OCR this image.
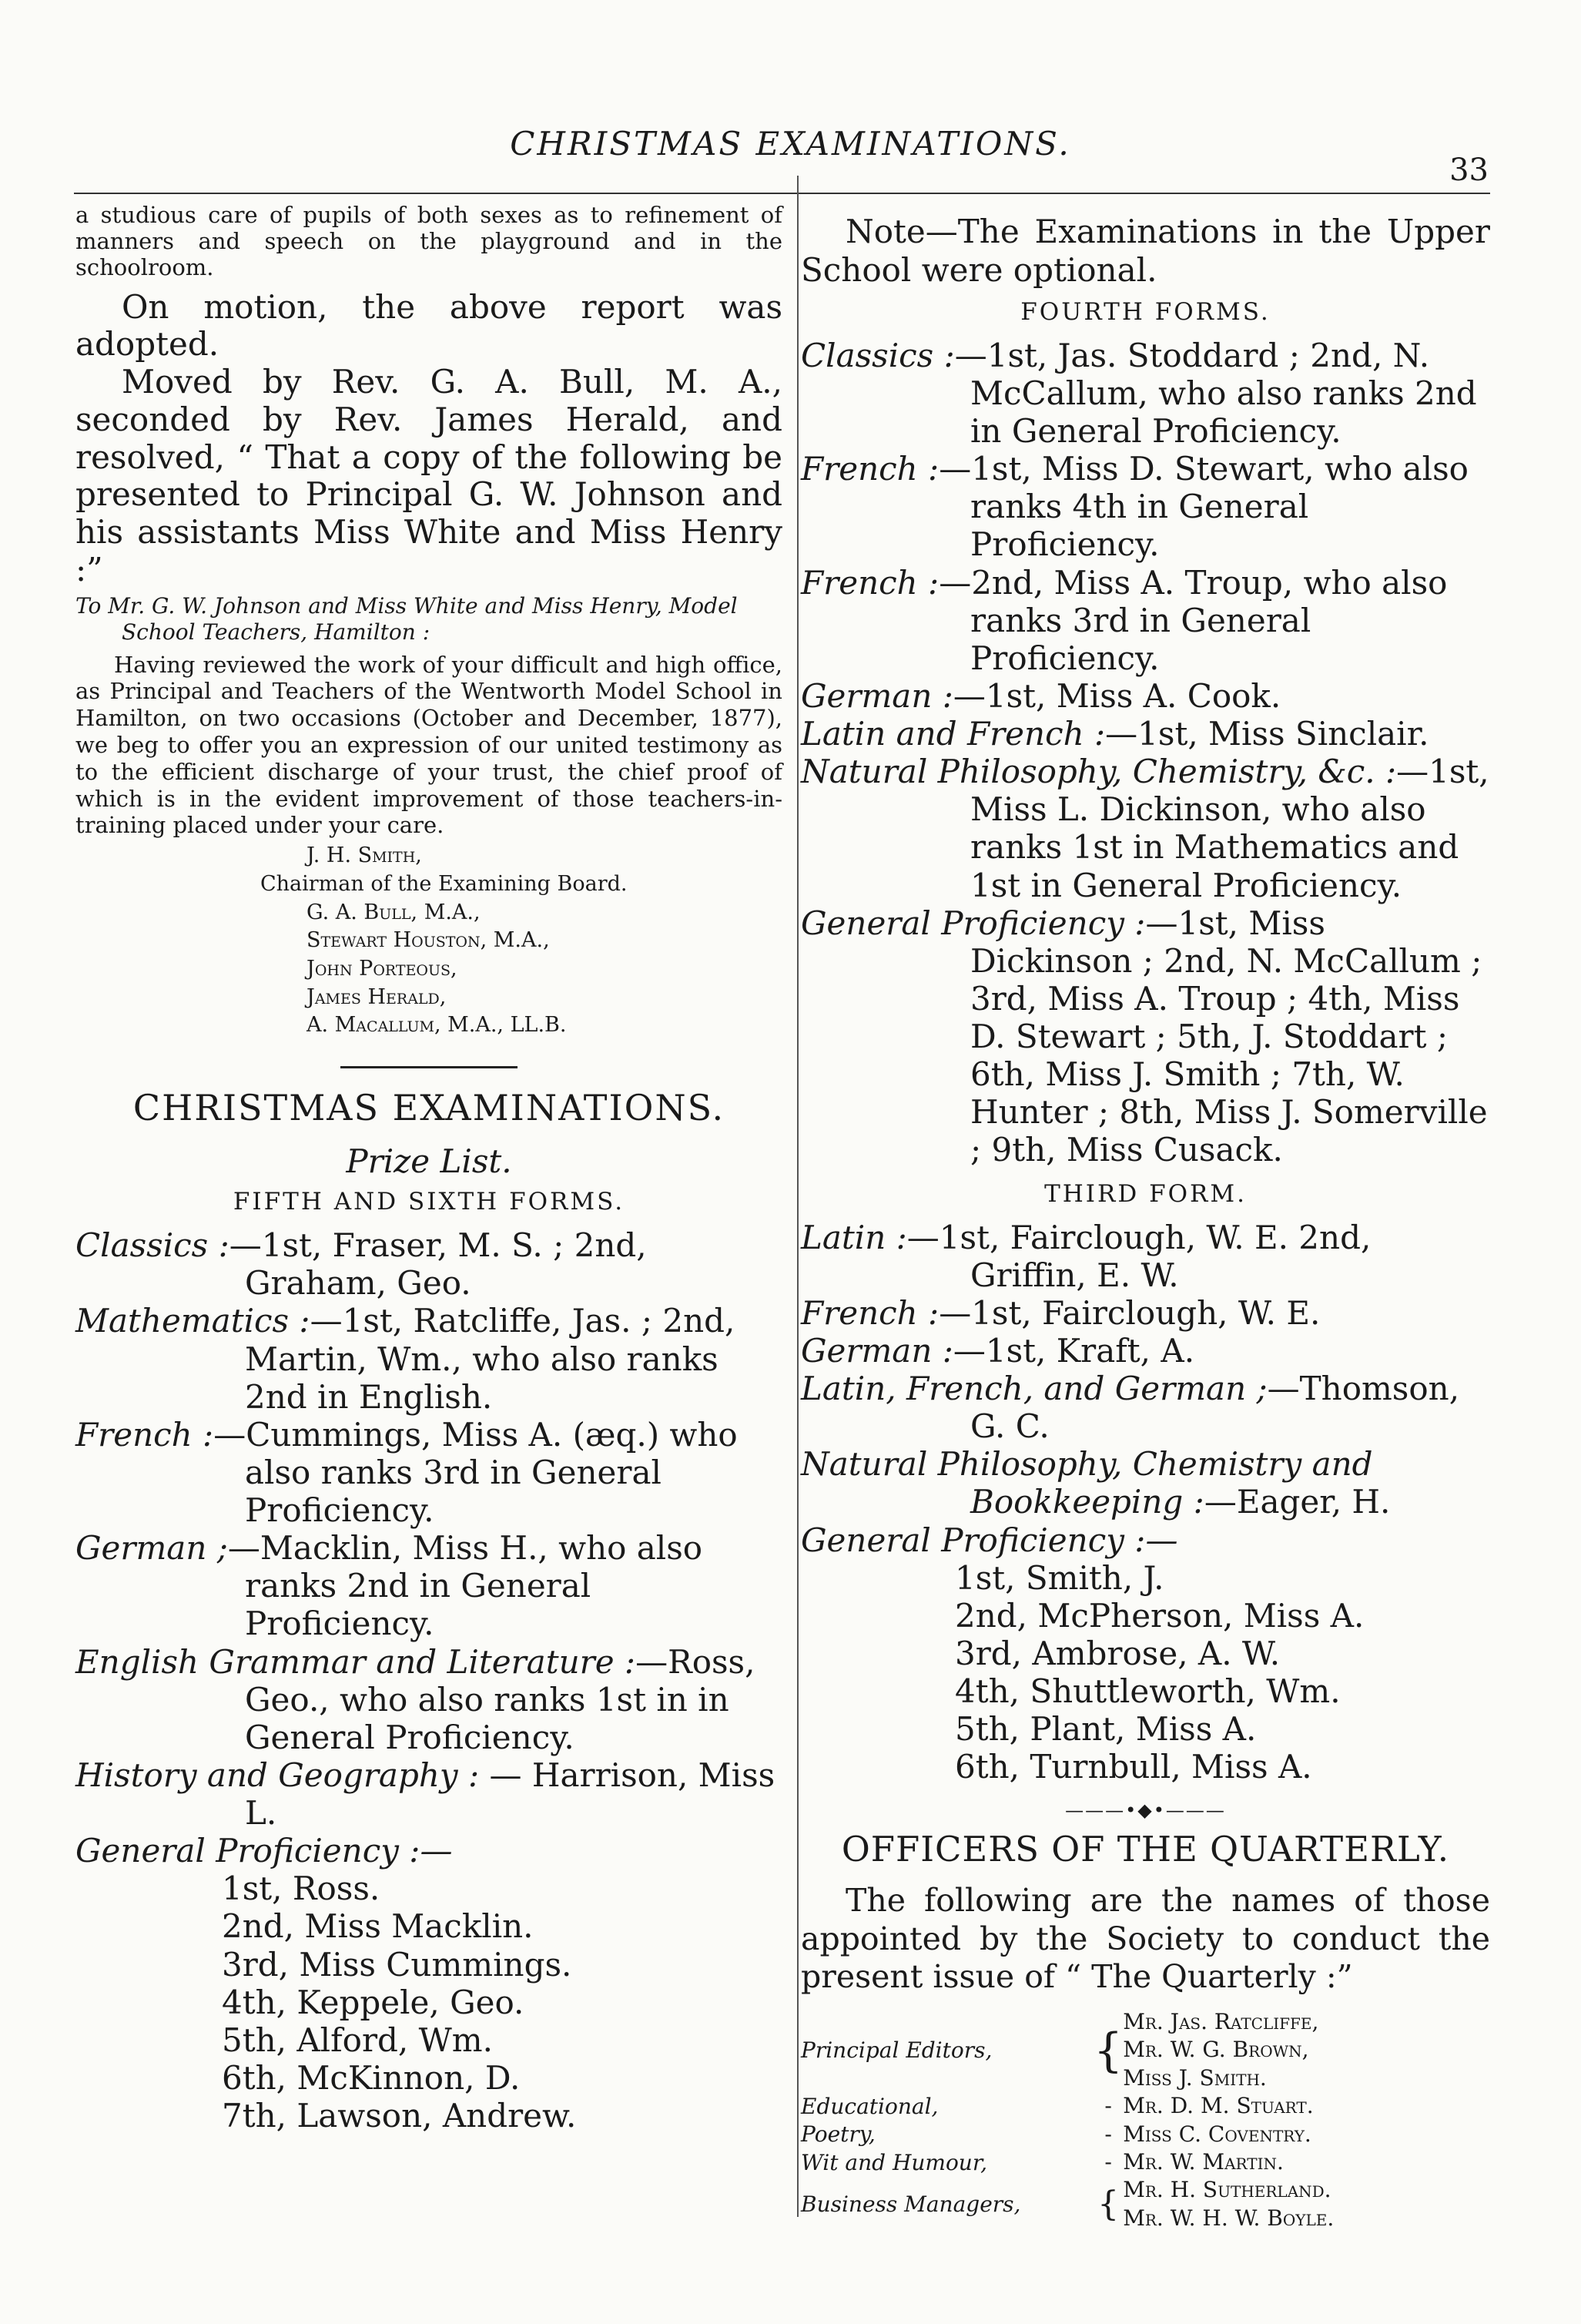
CHRISTMAS EXAMINATIONS.
33

a studious care of pupils of both sexes as to refinement of manners and speech on the playground and in the schoolroom.

On motion, the above report was adopted.

Moved by Rev. G. A. Bull, M. A., seconded by Rev. James Herald, and resolved, “ That a copy of the following be presented to Principal G. W. Johnson and his assistants Miss White and Miss Henry :”

To Mr. G. W. Johnson and Miss White and Miss Henry, Model School Teachers, Hamilton :

Having reviewed the work of your difficult and high office, as Principal and Teachers of the Wentworth Model School in Hamilton, on two occasions (October and December, 1877), we beg to offer you an expression of our united testimony as to the efficient discharge of your trust, the chief proof of which is in the evident improvement of those teachers-in-training placed under your care.

J. H. Smith,
Chairman of the Examining Board.
G. A. Bull, M.A.,
Stewart Houston, M.A.,
John Porteous,
James Herald,
A. Macallum, M.A., LL.B.
CHRISTMAS EXAMINATIONS.
Prize List.
FIFTH AND SIXTH FORMS.
Classics :—1st, Fraser, M. S. ; 2nd, Graham, Geo.
Mathematics :—1st, Ratcliffe, Jas. ; 2nd, Martin, Wm., who also ranks 2nd in English.
French :—Cummings, Miss A. (æq.) who also ranks 3rd in General Proficiency.
German ;—Macklin, Miss H., who also ranks 2nd in General Proficiency.
English Grammar and Literature :—Ross, Geo., who also ranks 1st in in General Proficiency.
History and Geography : — Harrison, Miss L.
General Proficiency :—
1st, Ross.
2nd, Miss Macklin.
3rd, Miss Cummings.
4th, Keppele, Geo.
5th, Alford, Wm.
6th, McKinnon, D.
7th, Lawson, Andrew.

Note—The Examinations in the Upper School were optional.

FOURTH FORMS.
Classics :—1st, Jas. Stoddard ; 2nd, N. McCallum, who also ranks 2nd in General Proficiency.
French :—1st, Miss D. Stewart, who also ranks 4th in General Proficiency.
French :—2nd, Miss A. Troup, who also ranks 3rd in General Proficiency.
German :—1st, Miss A. Cook.
Latin and French :—1st, Miss Sinclair.
Natural Philosophy, Chemistry, &c. :—1st, Miss L. Dickinson, who also ranks 1st in Mathematics and 1st in General Proficiency.
General Proficiency :—1st, Miss Dickinson ; 2nd, N. McCallum ; 3rd, Miss A. Troup ; 4th, Miss D. Stewart ; 5th, J. Stoddart ; 6th, Miss J. Smith ; 7th, W. Hunter ; 8th, Miss J. Somerville ; 9th, Miss Cusack.
THIRD FORM.
Latin :—1st, Fairclough, W. E. 2nd, Griffin, E. W.
French :—1st, Fairclough, W. E.
German :—1st, Kraft, A.
Latin, French, and German ;—Thomson, G. C.
Natural Philosophy, Chemistry and Bookkeeping :—Eager, H.
General Proficiency :—
1st, Smith, J.
2nd, McPherson, Miss A.
3rd, Ambrose, A. W.
4th, Shuttleworth, Wm.
5th, Plant, Miss A.
6th, Turnbull, Miss A.
———•◆•———
OFFICERS OF THE QUARTERLY.

The following are the names of those appointed by the Society to conduct the present issue of “ The Quarterly :”

Principal Editors,	{	Mr. Jas. Ratcliffe,
Mr. W. G. Brown,
Miss J. Smith.

Educational,	-	Mr. D. M. Stuart.

Poetry,	-	Miss C. Coventry.

Wit and Humour,	-	Mr. W. Martin.

Business Managers,	{	Mr. H. Sutherland.
Mr. W. H. W. Boyle.
